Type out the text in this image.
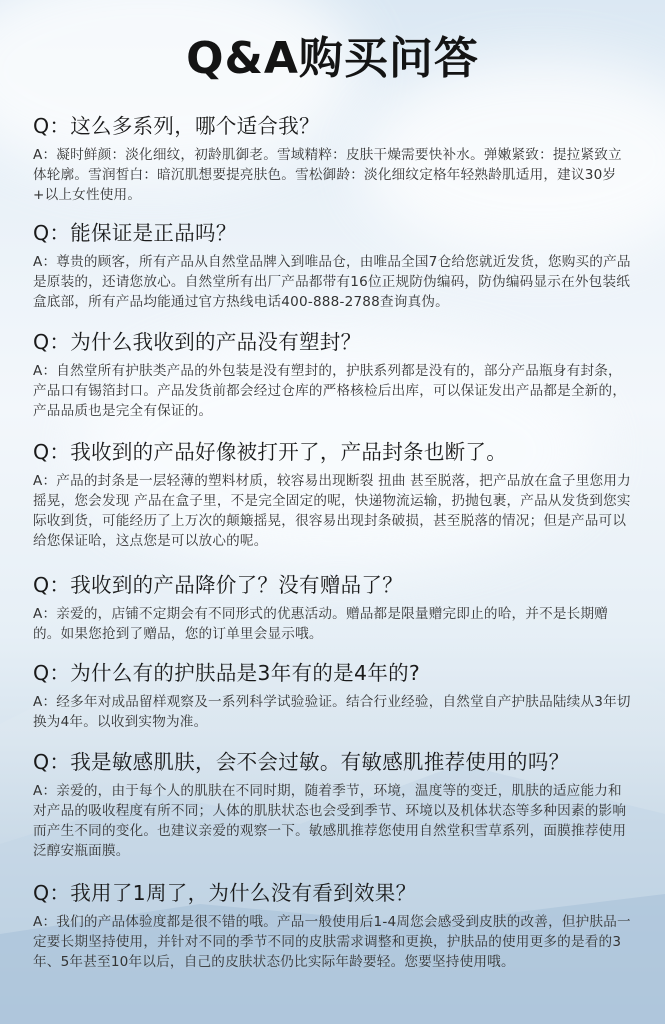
Q&A购买问答
Q：这么多系列，哪个适合我？
A：凝时鲜颜：淡化细纹，初龄肌御老。雪域精粹：皮肤干燥需要快补水。弹嫩紧致：提拉紧致立体轮廓。雪润皙白：暗沉肌想要提亮肤色。雪松御龄：淡化细纹定格年轻熟龄肌适用，建议30岁+以上女性使用。
Q：能保证是正品吗？
A：尊贵的顾客，所有产品从自然堂品牌入到唯品仓，由唯品全国7仓给您就近发货，您购买的产品是原装的，还请您放心。自然堂所有出厂产品都带有16位正规防伪编码，防伪编码显示在外包装纸盒底部，所有产品均能通过官方热线电话400-888-2788查询真伪。
Q：为什么我收到的产品没有塑封？
A：自然堂所有护肤类产品的外包装是没有塑封的，护肤系列都是没有的，部分产品瓶身有封条，产品口有锡箔封口。产品发货前都会经过仓库的严格核检后出库，可以保证发出产品都是全新的，产品品质也是完全有保证的。
Q：我收到的产品好像被打开了，产品封条也断了。
A：产品的封条是一层轻薄的塑料材质，较容易出现断裂 扭曲 甚至脱落，把产品放在盒子里您用力摇晃，您会发现 产品在盒子里，不是完全固定的呢，快递物流运输，扔抛包裹，产品从发货到您实际收到货，可能经历了上万次的颠簸摇晃，很容易出现封条破损，甚至脱落的情况；但是产品可以给您保证哈，这点您是可以放心的呢。
Q：我收到的产品降价了？没有赠品了？
A：亲爱的，店铺不定期会有不同形式的优惠活动。赠品都是限量赠完即止的哈，并不是长期赠的。如果您抢到了赠品，您的订单里会显示哦。
Q：为什么有的护肤品是3年有的是4年的?
A：经多年对成品留样观察及一系列科学试验验证。结合行业经验，自然堂自产护肤品陆续从3年切换为4年。以收到实物为准。
Q：我是敏感肌肤，会不会过敏。有敏感肌推荐使用的吗？
A：亲爱的，由于每个人的肌肤在不同时期，随着季节，环境，温度等的变迁，肌肤的适应能力和对产品的吸收程度有所不同；人体的肌肤状态也会受到季节、环境以及机体状态等多种因素的影响而产生不同的变化。也建议亲爱的观察一下。敏感肌推荐您使用自然堂积雪草系列，面膜推荐使用泛醇安瓶面膜。
Q：我用了1周了，为什么没有看到效果？
A：我们的产品体验度都是很不错的哦。产品一般使用后1-4周您会感受到皮肤的改善，但护肤品一定要长期坚持使用，并针对不同的季节不同的皮肤需求调整和更换，护肤品的使用更多的是看的3年、5年甚至10年以后，自己的皮肤状态仍比实际年龄要轻。您要坚持使用哦。
